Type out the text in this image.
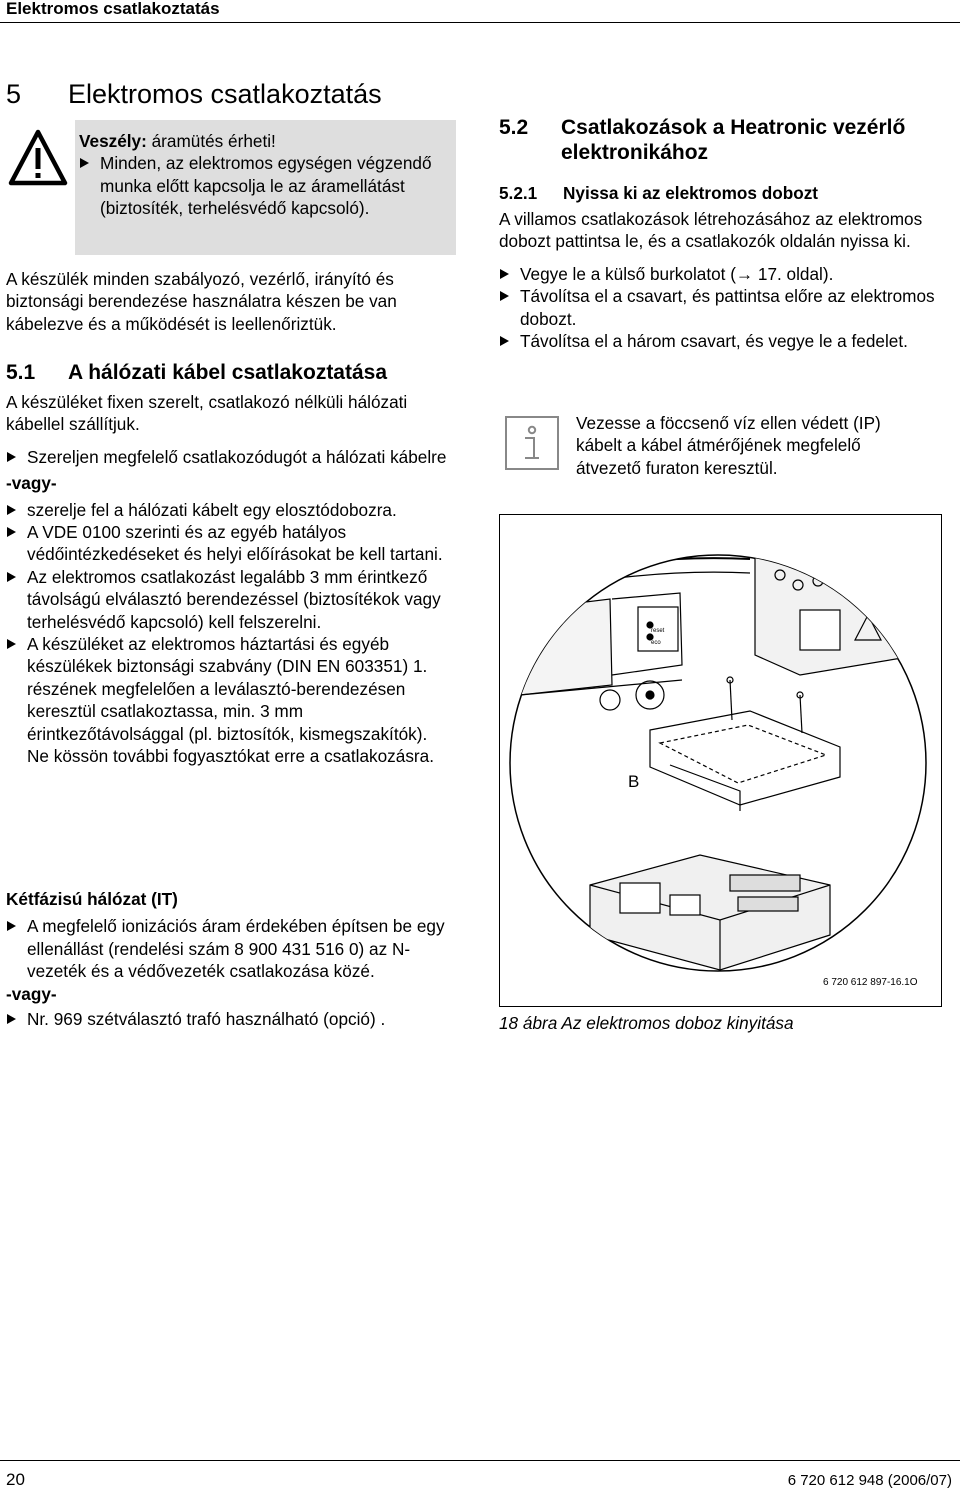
Elektromos csatlakoztatás
5 Elektromos csatlakoztatás
Veszély: áramütés érheti!
Minden, az elektromos egységen végzendő munka előtt kapcsolja le az áramellátást (biztosíték, terhelésvédő kapcsoló).
A készülék minden szabályozó, vezérlő, irányító és biztonsági berendezése használatra készen be van kábelezve és a működését is leellenőriztük.
5.1 A hálózati kábel csatlakoztatása
A készüléket fixen szerelt, csatlakozó nélküli hálózati kábellel szállítjuk.
Szereljen megfelelő csatlakozódugót a hálózati kábelre
-vagy-
szerelje fel a hálózati kábelt egy elosztódobozra.
A VDE 0100 szerinti és az egyéb hatályos védőintézkedéseket és helyi előírásokat be kell tartani.
Az elektromos csatlakozást legalább 3 mm érintkező távolságú elválasztó berendezéssel (biztosítékok vagy terhelésvédő kapcsoló) kell felszerelni.
A készüléket az elektromos háztartási és egyéb készülékek biztonsági szabvány (DIN EN 603351) 1. részének megfelelően a leválasztó-berendezésen keresztül csatlakoztassa, min. 3 mm érintkezőtávolsággal (pl. biztosítók, kismegszakítók). Ne kössön további fogyasztókat erre a csatlakozásra.
Kétfázisú hálózat (IT)
A megfelelő ionizációs áram érdekében építsen be egy ellenállást (rendelési szám 8 900 431 516 0) az N-vezeték és a védővezeték csatlakozása közé.
-vagy-
Nr. 969 szétválasztó trafó használható (opció) .
5.2 Csatlakozások a Heatronic vezérlő
elektronikához
5.2.1 Nyissa ki az elektromos dobozt
A villamos csatlakozások létrehozásához az elektromos dobozt pattintsa le, és a csatlakozók oldalán nyissa ki.
Vegye le a külső burkolatot (→ 17. oldal).
Távolítsa el a csavart, és pattintsa előre az elektromos dobozt.
Távolítsa el a három csavart, és vegye le a fedelet.
Vezesse a föccsenő víz ellen védett (IP) kábelt a kábel átmérőjének megfelelő átvezető furaton keresztül.
reset
eco
B
6 720 612 897-16.1O
18 ábra Az elektromos doboz kinyitása
20	6 720 612 948 (2006/07)
